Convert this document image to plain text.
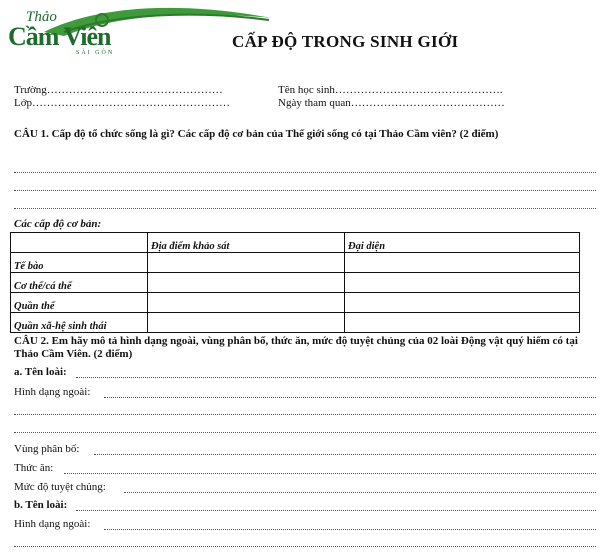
Thảo
Cầm Viên
SÀI GÒN
CẤP ĐỘ TRONG SINH GIỚI
Trường…………………………………………	Tên học sinh……………………………………….
Lớp………………………………………………	Ngày tham quan……………………………………
CÂU 1. Cấp độ tổ chức sống là gì? Các cấp độ cơ bản của Thế giới sống có tại Thảo Cầm viên? (2 điểm)
Các cấp độ cơ bản:
	Địa điểm khảo sát	Đại diện
Tế bào		
Cơ thể/cá thể		
Quần thể		
Quần xã-hệ sinh thái		
CÂU 2. Em hãy mô tả hình dạng ngoài, vùng phân bố, thức ăn, mức độ tuyệt chủng của 02 loài Động vật quý hiếm có tại Thảo Cầm Viên. (2 điểm)
a. Tên loài:
Hình dạng ngoài:
Vùng phân bố:
Thức ăn:
Mức độ tuyệt chủng:
b. Tên loài:
Hình dạng ngoài:
